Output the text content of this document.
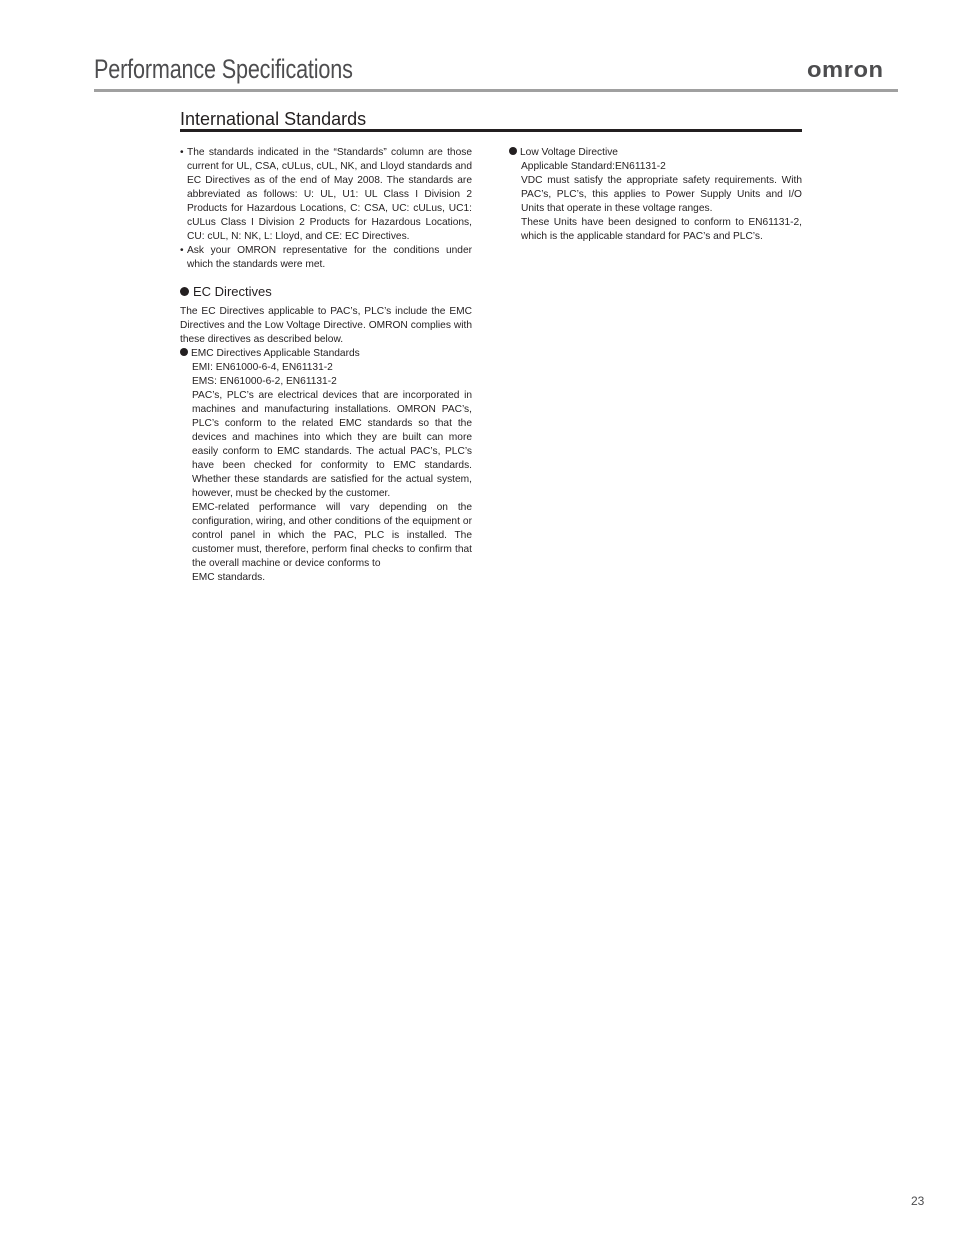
Performance Specifications	omron
International Standards

• The standards indicated in the “Standards” column are those current for UL, CSA, cULus, cUL, NK, and Lloyd standards and EC Directives as of the end of May 2008. The standards are abbreviated as follows: U: UL, U1: UL Class I Division 2 Products for Hazardous Locations, C: CSA, UC: cULus, UC1: cULus Class I Division 2 Products for Hazardous Locations, CU: cUL, N: NK, L: Lloyd, and CE: EC Directives.

• Ask your OMRON representative for the conditions under which the standards were met.

EC Directives

The EC Directives applicable to PAC’s, PLC’s include the EMC Directives and the Low Voltage Directive. OMRON complies with these directives as described below.

EMC Directives Applicable Standards

EMI: EN61000-6-4, EN61131-2

EMS: EN61000-6-2, EN61131-2

PAC’s, PLC’s are electrical devices that are incorporated in machines and manufacturing installations. OMRON PAC’s, PLC’s conform to the related EMC standards so that the devices and machines into which they are built can more easily conform to EMC standards. The actual PAC’s, PLC’s have been checked for conformity to EMC standards. Whether these standards are satisfied for the actual system, however, must be checked by the customer.

EMC-related performance will vary depending on the configuration, wiring, and other conditions of the equipment or control panel in which the PAC, PLC is installed. The customer must, therefore, perform final checks to confirm that the overall machine or device conforms to

EMC standards.

Low Voltage Directive

Applicable Standard:EN61131-2

VDC must satisfy the appropriate safety requirements. With PAC’s, PLC’s, this applies to Power Supply Units and I/O Units that operate in these voltage ranges.

These Units have been designed to conform to EN61131-2, which is the applicable standard for PAC’s and PLC’s.

23
